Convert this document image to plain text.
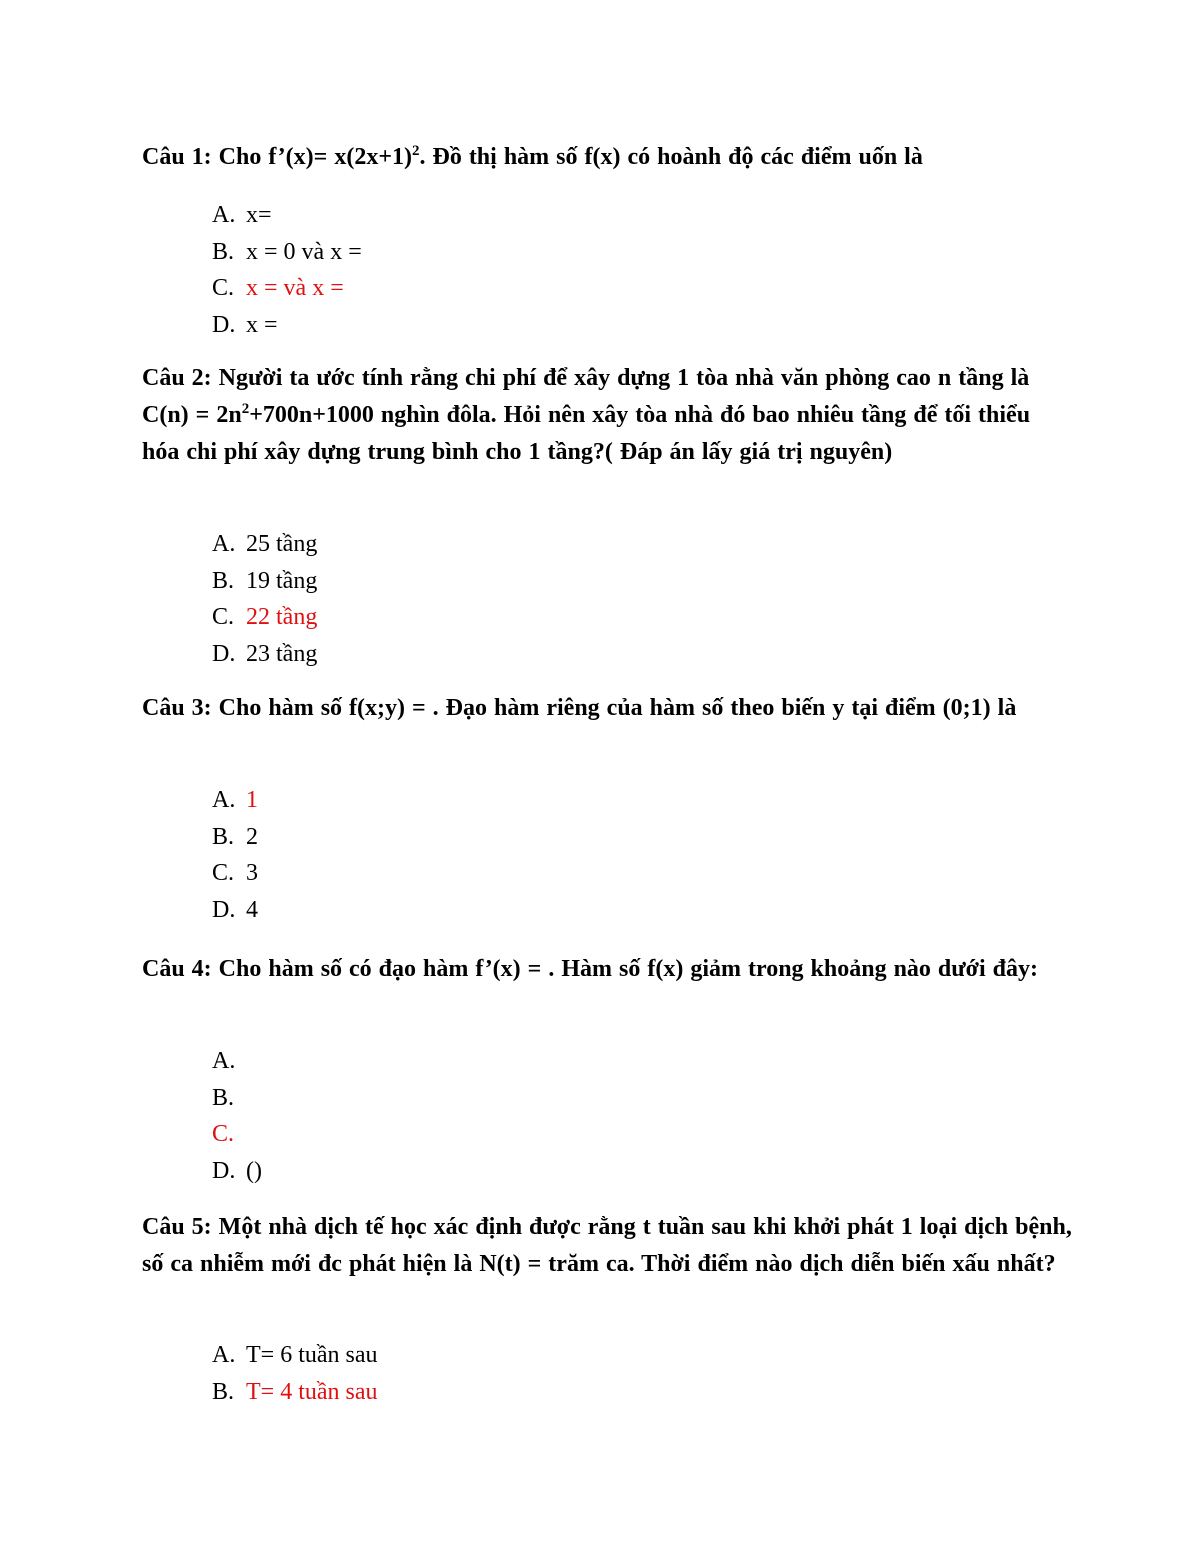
Câu 1: Cho f’(x)= $x(2x+1)^2$. Đồ thị hàm số f(x) có hoành độ các điểm uốn là
A. x=
B. x = 0 và x =
C. x = và x =
D. x =
Câu 2: Người ta ước tính rằng chi phí để xây dựng 1 tòa nhà văn phòng cao n tầng là $C(n) = 2n^2+700n+1000$ nghìn đôla. Hỏi nên xây tòa nhà đó bao nhiêu tầng để tối thiểu hóa chi phí xây dựng trung bình cho 1 tầng?( Đáp án lấy giá trị nguyên)
A. 25 tầng
B. 19 tầng
C. 22 tầng
D. 23 tầng
Câu 3: Cho hàm số f(x;y) = . Đạo hàm riêng của hàm số theo biến y tại điểm (0;1) là
A. 1
B. 2
C. 3
D. 4
Câu 4: Cho hàm số có đạo hàm f’(x) = . Hàm số f(x) giảm trong khoảng nào dưới đây:
A.
B.
C.
D. ()
Câu 5: Một nhà dịch tế học xác định được rằng t tuần sau khi khởi phát 1 loại dịch bệnh, số ca nhiễm mới đc phát hiện là N(t) = trăm ca. Thời điểm nào dịch diễn biến xấu nhất?
A. T= 6 tuần sau
B. T= 4 tuần sau
